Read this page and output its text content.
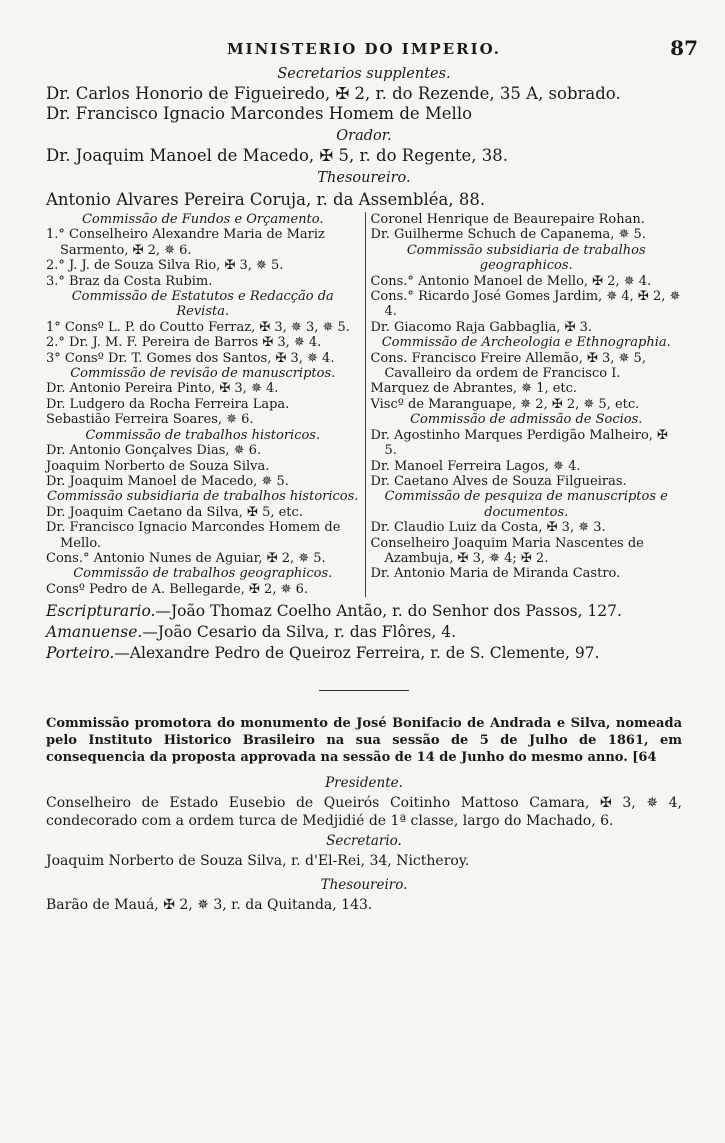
MINISTERIO DO IMPERIO.	87
Secretarios supplentes.
Dr. Carlos Honorio de Figueiredo, ✠ 2, r. do Rezende, 35 A, sobrado.
Dr. Francisco Ignacio Marcondes Homem de Mello
Orador.
Dr. Joaquim Manoel de Macedo, ✠ 5, r. do Regente, 38.
Thesoureiro.
Antonio Alvares Pereira Coruja, r. da Assembléa, 88.
Commissão de Fundos e Orçamento.
1.° Conselheiro Alexandre Maria de Mariz Sarmento, ✠ 2, ✵ 6.
2.° J. J. de Souza Silva Rio, ✠ 3, ✵ 5.
3.° Braz da Costa Rubim.
Commissão de Estatutos e Redacção da Revista.
1° Consº L. P. do Coutto Ferraz, ✠ 3, ✵ 3, ✵ 5.
2.° Dr. J. M. F. Pereira de Barros ✠ 3, ✵ 4.
3° Consº Dr. T. Gomes dos Santos, ✠ 3, ✵ 4.
Commissão de revisão de manuscriptos.
Dr. Antonio Pereira Pinto, ✠ 3, ✵ 4.
Dr. Ludgero da Rocha Ferreira Lapa.
Sebastião Ferreira Soares, ✵ 6.
Commissão de trabalhos historicos.
Dr. Antonio Gonçalves Dias, ✵ 6.
Joaquim Norberto de Souza Silva.
Dr. Joaquim Manoel de Macedo, ✵ 5.
Commissão subsidiaria de trabalhos historicos.
Dr. Joaquim Caetano da Silva, ✠ 5, etc.
Dr. Francisco Ignacio Marcondes Homem de Mello.
Cons.° Antonio Nunes de Aguiar, ✠ 2, ✵ 5.
Commissão de trabalhos geographicos.
Consº Pedro de A. Bellegarde, ✠ 2, ✵ 6.
Coronel Henrique de Beaurepaire Rohan.
Dr. Guilherme Schuch de Capanema, ✵ 5.
Commissão subsidiaria de trabalhos geographicos.
Cons.° Antonio Manoel de Mello, ✠ 2, ✵ 4.
Cons.° Ricardo José Gomes Jardim, ✵ 4, ✠ 2, ✵ 4.
Dr. Giacomo Raja Gabbaglia, ✠ 3.
Commissão de Archeologia e Ethnographia.
Cons. Francisco Freire Allemão, ✠ 3, ✵ 5, Cavalleiro da ordem de Francisco I.
Marquez de Abrantes, ✵ 1, etc.
Viscº de Maranguape, ✵ 2, ✠ 2, ✵ 5, etc.
Commissão de admissão de Socios.
Dr. Agostinho Marques Perdigão Malheiro, ✠ 5.
Dr. Manoel Ferreira Lagos, ✵ 4.
Dr. Caetano Alves de Souza Filgueiras.
Commissão de pesquiza de manuscriptos e documentos.
Dr. Claudio Luiz da Costa, ✠ 3, ✵ 3.
Conselheiro Joaquim Maria Nascentes de Azambuja, ✠ 3, ✵ 4; ✠ 2.
Dr. Antonio Maria de Miranda Castro.
Escripturario.—João Thomaz Coelho Antão, r. do Senhor dos Passos, 127.
Amanuense.—João Cesario da Silva, r. das Flôres, 4.
Porteiro.—Alexandre Pedro de Queiroz Ferreira, r. de S. Clemente, 97.
Commissão promotora do monumento de José Bonifacio de Andrada e Silva, nomeada pelo Instituto Historico Brasileiro na sua sessão de 5 de Julho de 1861, em consequencia da proposta approvada na sessão de 14 de Junho do mesmo anno. [64
Presidente.
Conselheiro de Estado Eusebio de Queirós Coitinho Mattoso Camara, ✠ 3, ✵ 4, condecorado com a ordem turca de Medjidié de 1ª classe, largo do Machado, 6.
Secretario.
Joaquim Norberto de Souza Silva, r. d'El-Rei, 34, Nictheroy.
Thesoureiro.
Barão de Mauá, ✠ 2, ✵ 3, r. da Quitanda, 143.
